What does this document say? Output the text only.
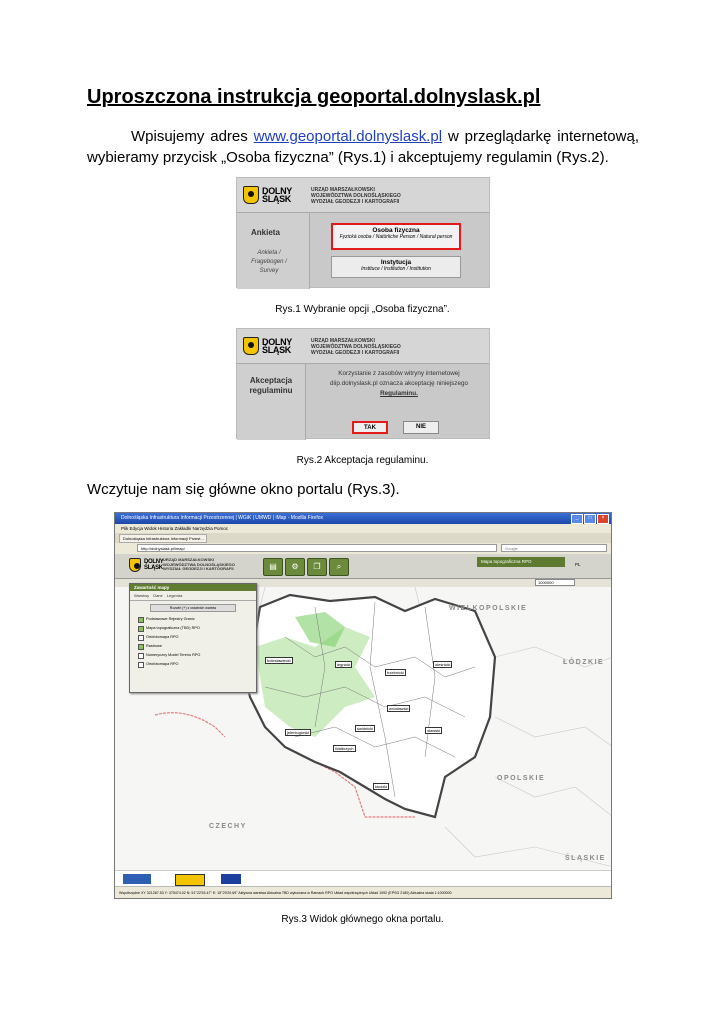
Uproszczona instrukcja geoportal.dolnyslask.pl
Wpisujemy adres www.geoportal.dolnyslask.pl w przeglądarkę internetową,
wybieramy przycisk „Osoba fizyczna” (Rys.1) i akceptujemy regulamin (Rys.2).
DOLNY
ŚLĄSK
URZĄD MARSZAŁKOWSKI
WOJEWÓDZTWA DOLNOŚLĄSKIEGO
WYDZIAŁ GEODEZJI I KARTOGRAFII
Ankieta
Ankieta / Fragebogen / Survey
Osoba fizyczna
Fyzická osoba / Natürliche Person / Natural person
Instytucja
Instituce / Institution / Institution
Rys.1 Wybranie opcji „Osoba fizyczna”.
DOLNY
ŚLĄSK
URZĄD MARSZAŁKOWSKI
WOJEWÓDZTWA DOLNOŚLĄSKIEGO
WYDZIAŁ GEODEZJI I KARTOGRAFII
Akceptacja regulaminu
Korzystanie z zasobów witryny internetowej
diip.dolnyslask.pl oznacza akceptację niniejszego
Regulaminu.
TAK	NIE
Rys.2 Akceptacja regulaminu.
Wczytuje nam się główne okno portalu (Rys.3).
Dolnośląska Infrastruktura Informacji Przestrzennej | WGiK | UMWD | iMap - Mozilla Firefox	_	□	×
Plik Edycja Widok Historia Zakładki Narzędzia Pomoc
Dolnośląska Infrastruktura Informacji Przest...
http://dolnyslask.pl/imap/	Google
DOLNY
ŚLĄSK
URZĄD MARSZAŁKOWSKI
WOJEWÓDZTWA DOLNOŚLĄSKIEGO
WYDZIAŁ GEODEZJI I KARTOGRAFII	▤	⚙	❐	⌕
Mapa topograficzna RPO
PL
1000000
WIELKOPOLSKIE
ŁÓDZKIE
OPOLSKIE
ŚLĄSKIE
CZECHY
bolesławiecki
legnicki
wrocławski
oleśnicki
trzebnicki
jeleniogórski
kłodzki
Wałbrzych
świdnicki	oławski
Zawartość mapy
Warstwy Dane Legenda
Rozwiń (+) z ostatnich warstw
Podstawowe Rejestry Granic
Mapa topograficzna (TBD) RPO
Ortofotomapa RPO
Rastrowe
Numeryczny Model Terenu RPO
Ortofotomapa RPO
Współrzędne XY 321287.53 Y: 375474.02 N: 51°22'53.47" E: 15°29'20.69" Aktywna warstwa Aktualna TBD wykonana w Ramach RPO Układ współrzędnych Układ 1992 (EPSG 2180) Aktualna skala 1:1000000
Rys.3 Widok głównego okna portalu.
